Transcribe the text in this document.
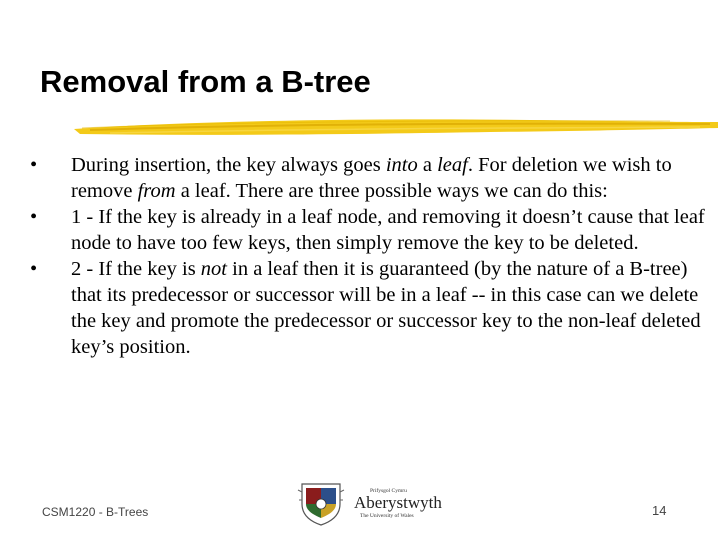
Removal from a B-tree
•	During insertion, the key always goes into a leaf. For deletion we wish to remove from a leaf. There are three possible ways we can do this:
•	1 - If the key is already in a leaf node, and removing it doesn’t cause that leaf node to have too few keys, then simply remove the key to be deleted.
•	2 - If the key is not in a leaf then it is guaranteed (by the nature of a B-tree) that its predecessor or successor will be in a leaf -- in this case can we delete the key and promote the predecessor or successor key to the non-leaf deleted key’s position.
CSM1220 - B-Trees
Prifysgol Cymru
Aberystwyth
The University of Wales	14
